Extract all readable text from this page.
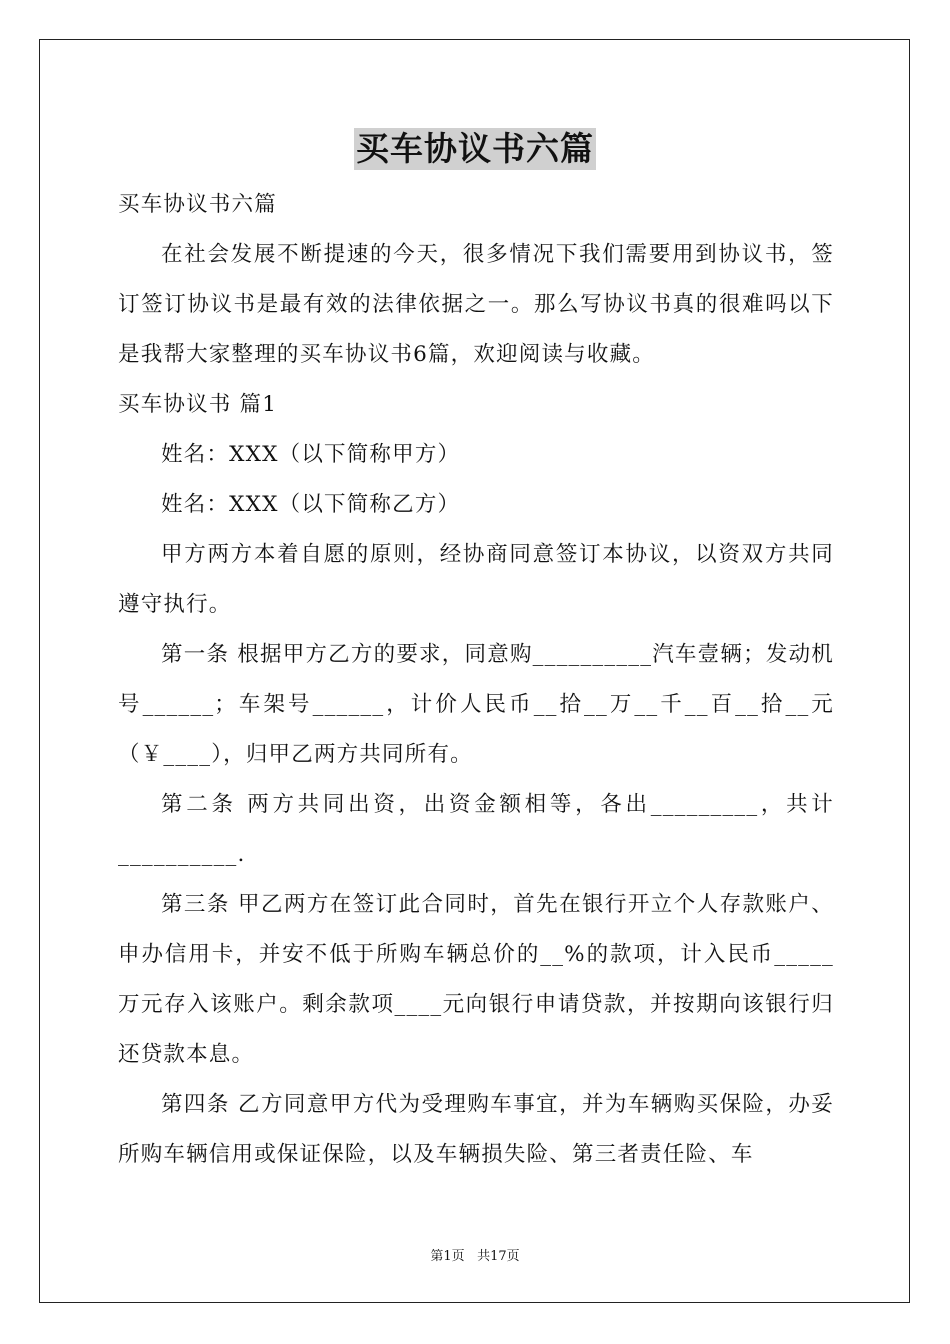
买车协议书六篇

买车协议书六篇

在社会发展不断提速的今天，很多情况下我们需要用到协议书，签订签订协议书是最有效的法律依据之一。那么写协议书真的很难吗以下是我帮大家整理的买车协议书6篇，欢迎阅读与收藏。

买车协议书 篇1

姓名：XXX（以下简称甲方）

姓名：XXX（以下简称乙方）

甲方两方本着自愿的原则，经协商同意签订本协议，以资双方共同遵守执行。

第一条 根据甲方乙方的要求，同意购__________汽车壹辆；发动机号______；车架号______，计价人民币__拾__万__千__百__拾__元（￥____），归甲乙两方共同所有。

第二条 两方共同出资，出资金额相等，各出_________，共计__________.

第三条 甲乙两方在签订此合同时，首先在银行开立个人存款账户、申办信用卡，并安不低于所购车辆总价的__%的款项，计入民币_____万元存入该账户。剩余款项____元向银行申请贷款，并按期向该银行归还贷款本息。

第四条 乙方同意甲方代为受理购车事宜，并为车辆购买保险，办妥所购车辆信用或保证保险，以及车辆损失险、第三者责任险、车

第1页 共17页
